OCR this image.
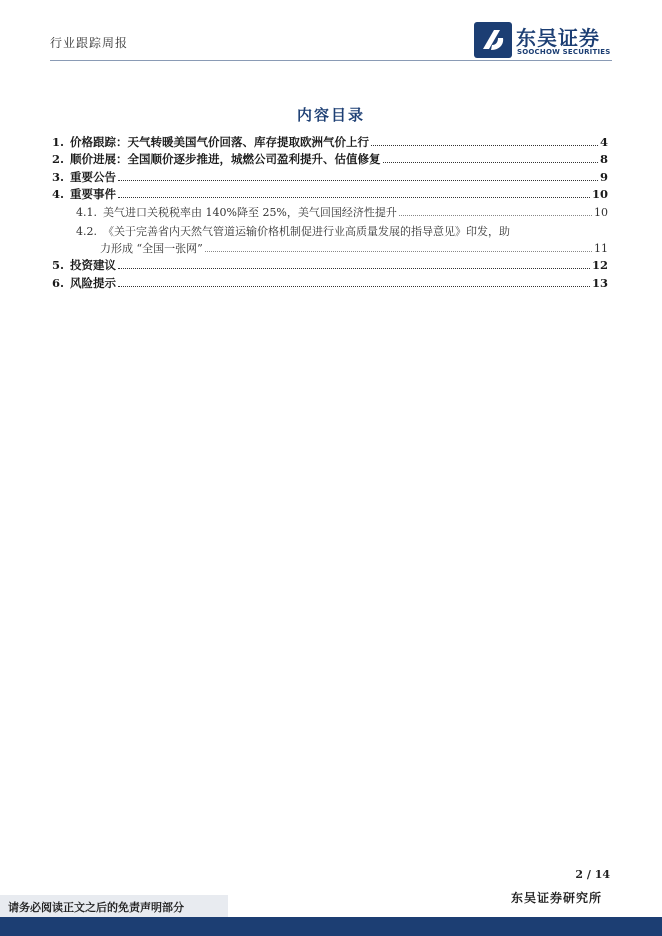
行业跟踪周报	东吴证券
SOOCHOW SECURITIES
内容目录
1. 价格跟踪：天气转暖美国气价回落、库存提取欧洲气价上行	4
2. 顺价进展：全国顺价逐步推进，城燃公司盈利提升、估值修复	8
3. 重要公告	9
4. 重要事件	10
4.1. 美气进口关税税率由 140%降至 25%，美气回国经济性提升	10
4.2. 《关于完善省内天然气管道运输价格机制促进行业高质量发展的指导意见》印发，助
力形成 “全国一张网”	11
5. 投资建议	12
6. 风险提示	13
2 / 14
东吴证券研究所
请务必阅读正文之后的免责声明部分
